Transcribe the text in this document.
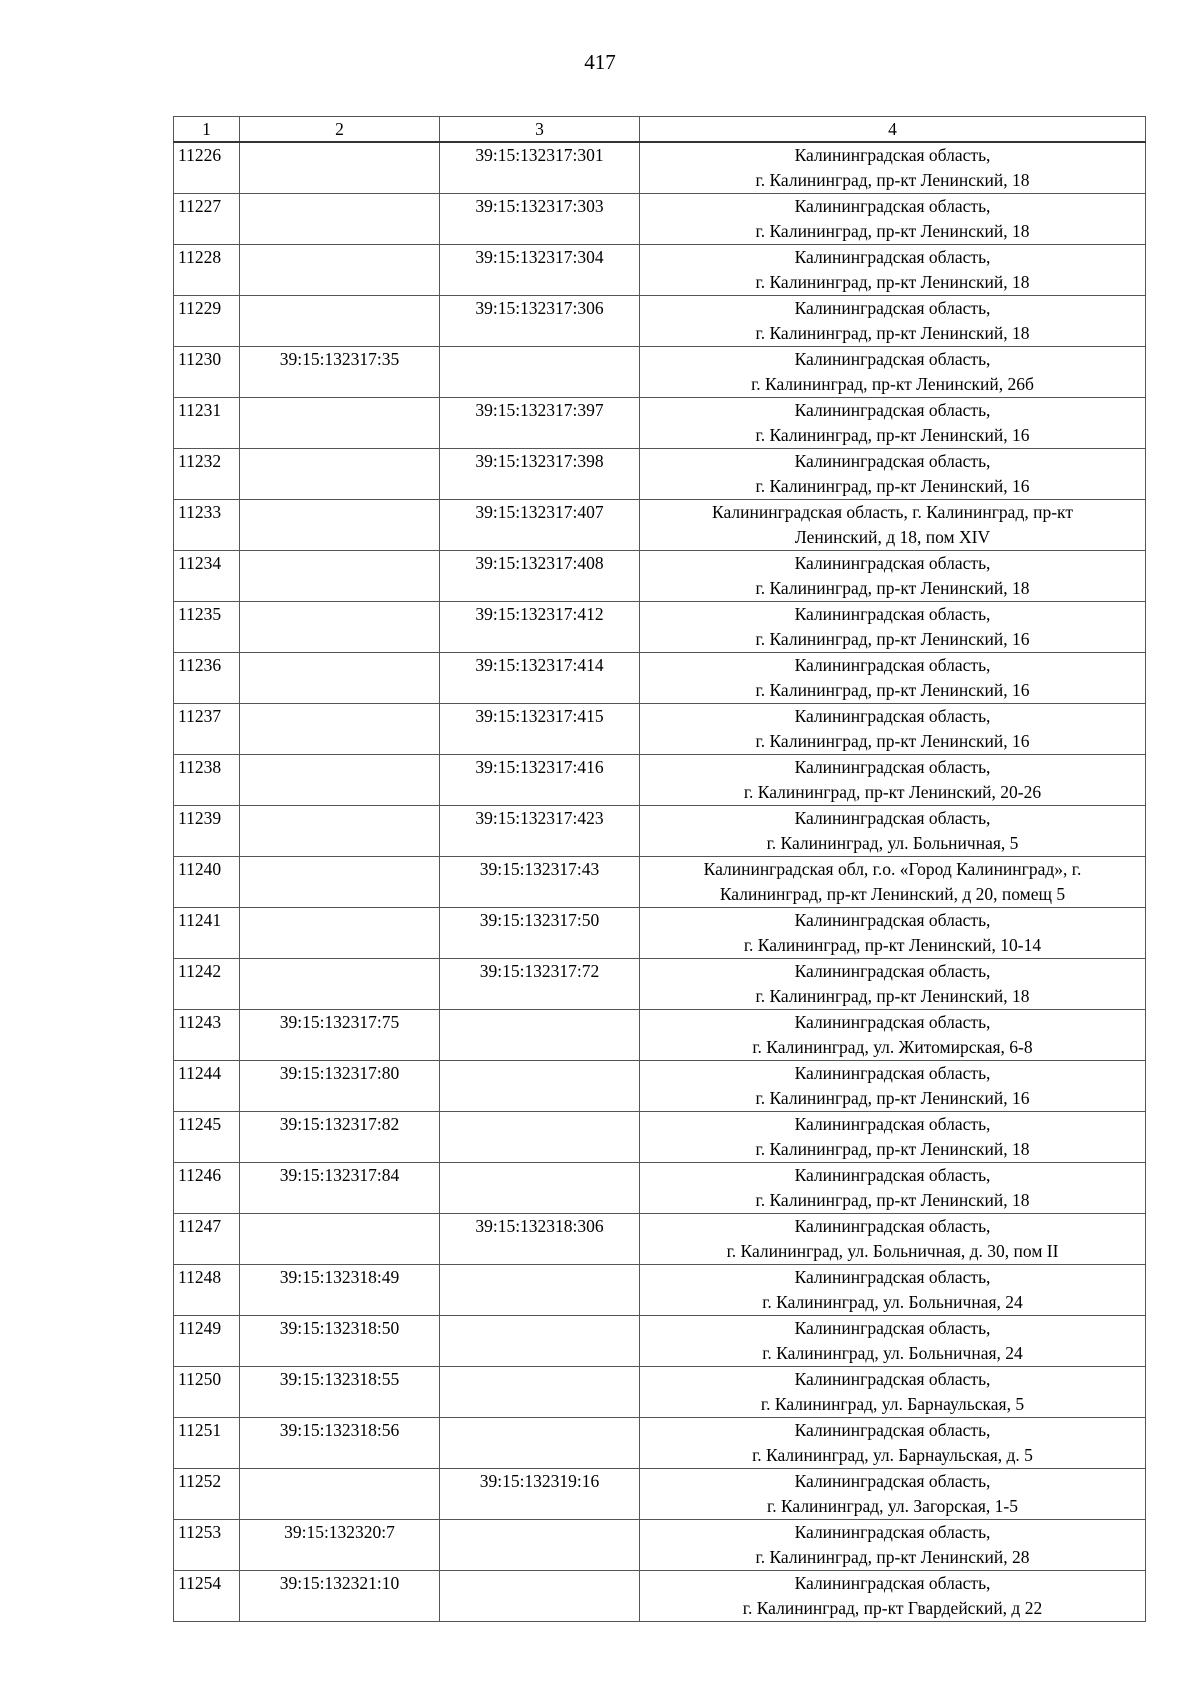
417
1	2	3	4
11226		39:15:132317:301	Калининградская область,
г. Калининград, пр-кт Ленинский, 18

11227		39:15:132317:303	Калининградская область,
г. Калининград, пр-кт Ленинский, 18

11228		39:15:132317:304	Калининградская область,
г. Калининград, пр-кт Ленинский, 18

11229		39:15:132317:306	Калининградская область,
г. Калининград, пр-кт Ленинский, 18

11230	39:15:132317:35		Калининградская область,
г. Калининград, пр-кт Ленинский, 26б

11231		39:15:132317:397	Калининградская область,
г. Калининград, пр-кт Ленинский, 16

11232		39:15:132317:398	Калининградская область,
г. Калининград, пр-кт Ленинский, 16

11233		39:15:132317:407	Калининградская область, г. Калининград, пр-кт
Ленинский, д 18, пом XIV

11234		39:15:132317:408	Калининградская область,
г. Калининград, пр-кт Ленинский, 18

11235		39:15:132317:412	Калининградская область,
г. Калининград, пр-кт Ленинский, 16

11236		39:15:132317:414	Калининградская область,
г. Калининград, пр-кт Ленинский, 16

11237		39:15:132317:415	Калининградская область,
г. Калининград, пр-кт Ленинский, 16

11238		39:15:132317:416	Калининградская область,
г. Калининград, пр-кт Ленинский, 20-26

11239		39:15:132317:423	Калининградская область,
г. Калининград, ул. Больничная, 5

11240		39:15:132317:43	Калининградская обл, г.о. «Город Калининград», г.
Калининград, пр-кт Ленинский, д 20, помещ 5

11241		39:15:132317:50	Калининградская область,
г. Калининград, пр-кт Ленинский, 10-14

11242		39:15:132317:72	Калининградская область,
г. Калининград, пр-кт Ленинский, 18

11243	39:15:132317:75		Калининградская область,
г. Калининград, ул. Житомирская, 6-8

11244	39:15:132317:80		Калининградская область,
г. Калининград, пр-кт Ленинский, 16

11245	39:15:132317:82		Калининградская область,
г. Калининград, пр-кт Ленинский, 18

11246	39:15:132317:84		Калининградская область,
г. Калининград, пр-кт Ленинский, 18

11247		39:15:132318:306	Калининградская область,
г. Калининград, ул. Больничная, д. 30, пом II

11248	39:15:132318:49		Калининградская область,
г. Калининград, ул. Больничная, 24

11249	39:15:132318:50		Калининградская область,
г. Калининград, ул. Больничная, 24

11250	39:15:132318:55		Калининградская область,
г. Калининград, ул. Барнаульская, 5

11251	39:15:132318:56		Калининградская область,
г. Калининград, ул. Барнаульская, д. 5

11252		39:15:132319:16	Калининградская область,
г. Калининград, ул. Загорская, 1-5

11253	39:15:132320:7		Калининградская область,
г. Калининград, пр-кт Ленинский, 28

11254	39:15:132321:10		Калининградская область,
г. Калининград, пр-кт Гвардейский, д 22
